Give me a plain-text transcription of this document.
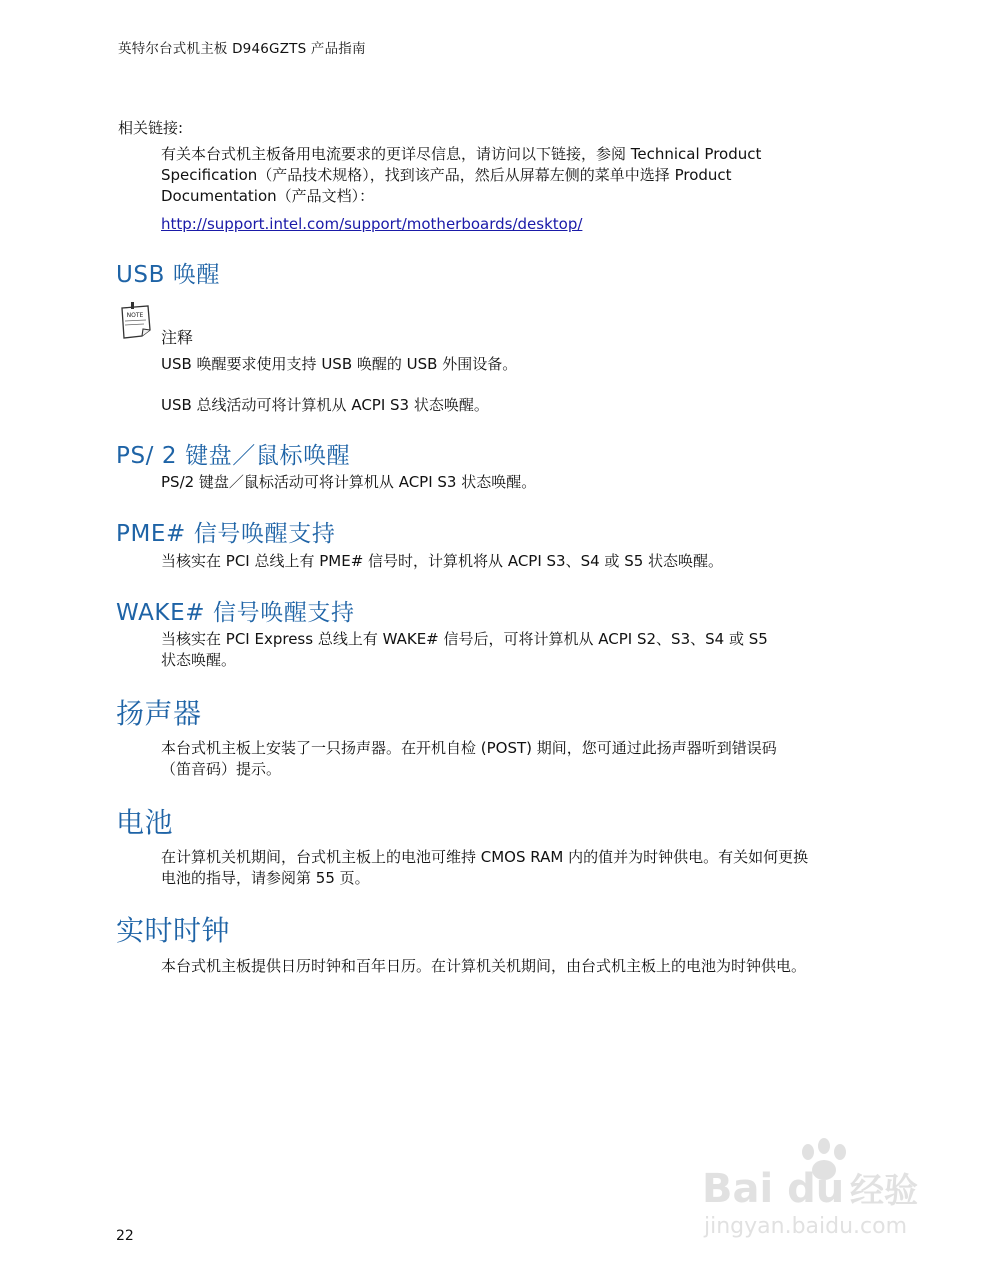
英特尔台式机主板 D946GZTS 产品指南
相关链接:
有关本台式机主板备用电流要求的更详尽信息，请访问以下链接，参阅 Technical Product
Specification（产品技术规格），找到该产品，然后从屏幕左侧的菜单中选择 Product
Documentation（产品文档）：
http://support.intel.com/support/motherboards/desktop/
USB 唤醒
NOTE
注释
USB 唤醒要求使用支持 USB 唤醒的 USB 外围设备。
USB 总线活动可将计算机从 ACPI S3 状态唤醒。
PS/ 2 键盘／鼠标唤醒
PS/2 键盘／鼠标活动可将计算机从 ACPI S3 状态唤醒。
PME# 信号唤醒支持
当核实在 PCI 总线上有 PME# 信号时，计算机将从 ACPI S3、S4 或 S5 状态唤醒。
WAKE# 信号唤醒支持
当核实在 PCI Express 总线上有 WAKE# 信号后，可将计算机从 ACPI S2、S3、S4 或 S5
状态唤醒。
扬声器
本台式机主板上安装了一只扬声器。在开机自检 (POST) 期间，您可通过此扬声器听到错误码
（笛音码）提示。
电池
在计算机关机期间，台式机主板上的电池可维持 CMOS RAM 内的值并为时钟供电。有关如何更换
电池的指导，请参阅第 55 页。
实时时钟
本台式机主板提供日历时钟和百年日历。在计算机关机期间，由台式机主板上的电池为时钟供电。
22
Bai du 经验
jingyan.baidu.com
